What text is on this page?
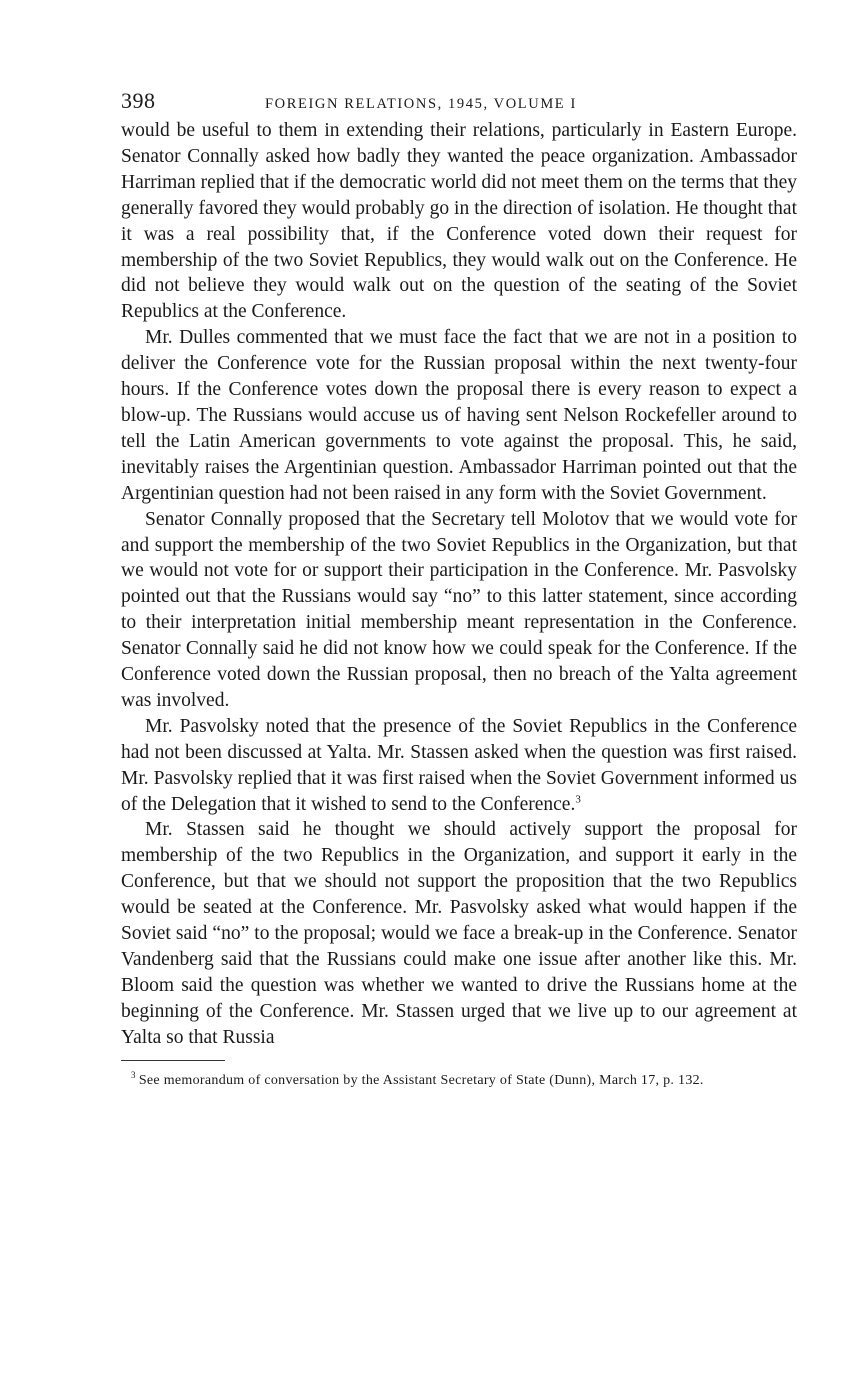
398	FOREIGN RELATIONS, 1945, VOLUME I

would be useful to them in extending their relations, particularly in Eastern Europe. Senator Connally asked how badly they wanted the peace organization. Ambassador Harriman replied that if the democratic world did not meet them on the terms that they generally favored they would probably go in the direction of isolation. He thought that it was a real possibility that, if the Conference voted down their request for membership of the two Soviet Republics, they would walk out on the Conference. He did not believe they would walk out on the question of the seating of the Soviet Republics at the Conference.

Mr. Dulles commented that we must face the fact that we are not in a position to deliver the Conference vote for the Russian proposal within the next twenty-four hours. If the Conference votes down the proposal there is every reason to expect a blow-up. The Russians would accuse us of having sent Nelson Rockefeller around to tell the Latin American governments to vote against the proposal. This, he said, inevitably raises the Argentinian question. Ambassador Harriman pointed out that the Argentinian question had not been raised in any form with the Soviet Government.

Senator Connally proposed that the Secretary tell Molotov that we would vote for and support the membership of the two Soviet Republics in the Organization, but that we would not vote for or support their participation in the Conference. Mr. Pasvolsky pointed out that the Russians would say “no” to this latter statement, since according to their interpretation initial membership meant representation in the Conference. Senator Connally said he did not know how we could speak for the Conference. If the Conference voted down the Russian proposal, then no breach of the Yalta agreement was involved.

Mr. Pasvolsky noted that the presence of the Soviet Republics in the Conference had not been discussed at Yalta. Mr. Stassen asked when the question was first raised. Mr. Pasvolsky replied that it was first raised when the Soviet Government informed us of the Delegation that it wished to send to the Conference.$^3$

Mr. Stassen said he thought we should actively support the proposal for membership of the two Republics in the Organization, and support it early in the Conference, but that we should not support the proposition that the two Republics would be seated at the Conference. Mr. Pasvolsky asked what would happen if the Soviet said “no” to the proposal; would we face a break-up in the Conference. Senator Vandenberg said that the Russians could make one issue after another like this. Mr. Bloom said the question was whether we wanted to drive the Russians home at the beginning of the Conference. Mr. Stassen urged that we live up to our agreement at Yalta so that Russia

$^3$ See memorandum of conversation by the Assistant Secretary of State (Dunn), March 17, p. 132.
